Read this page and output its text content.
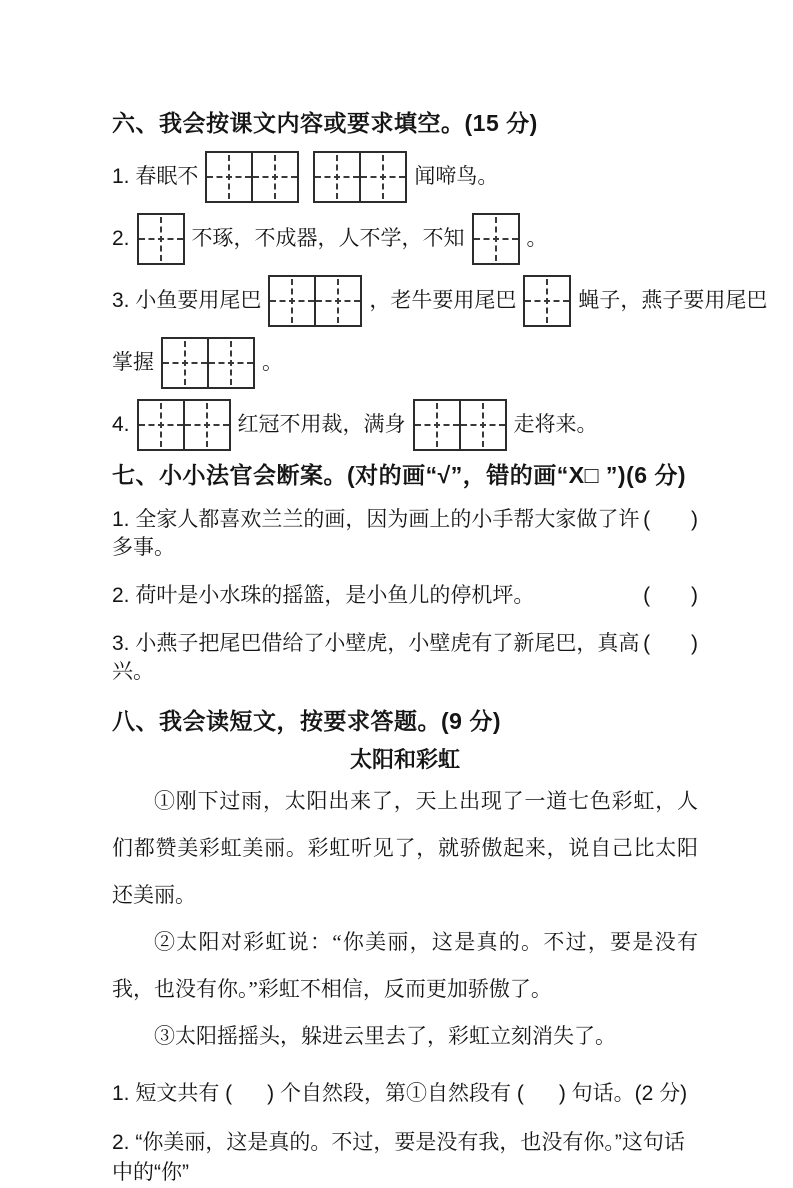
六、我会按课文内容或要求填空。(15 分)
1. 春眠不	闻啼鸟。
2.	不琢，不成器，人不学，不知	。
3. 小鱼要用尾巴	，老牛要用尾巴	蝇子，燕子要用尾巴
掌握	。
4.	红冠不用裁，满身	走将来。
七、小小法官会断案。(对的画“√”，错的画“X□ ”)(6 分)
1. 全家人都喜欢兰兰的画，因为画上的小手帮大家做了许多事。
(       )
2. 荷叶是小水珠的摇篮，是小鱼儿的停机坪。	(       )
3. 小燕子把尾巴借给了小壁虎，小壁虎有了新尾巴，真高兴。
(       )
八、我会读短文，按要求答题。(9 分)
太阳和彩虹

①刚下过雨，太阳出来了，天上出现了一道七色彩虹，人们都赞美彩虹美丽。彩虹听见了，就骄傲起来，说自己比太阳还美丽。

②太阳对彩虹说：“你美丽，这是真的。不过，要是没有我，也没有你。”彩虹不相信，反而更加骄傲了。

③太阳摇摇头，躲进云里去了，彩虹立刻消失了。

1. 短文共有 (      ) 个自然段，第①自然段有 (      ) 句话。(2 分)
2. “你美丽，这是真的。不过，要是没有我，也没有你。”这句话中的“你”
